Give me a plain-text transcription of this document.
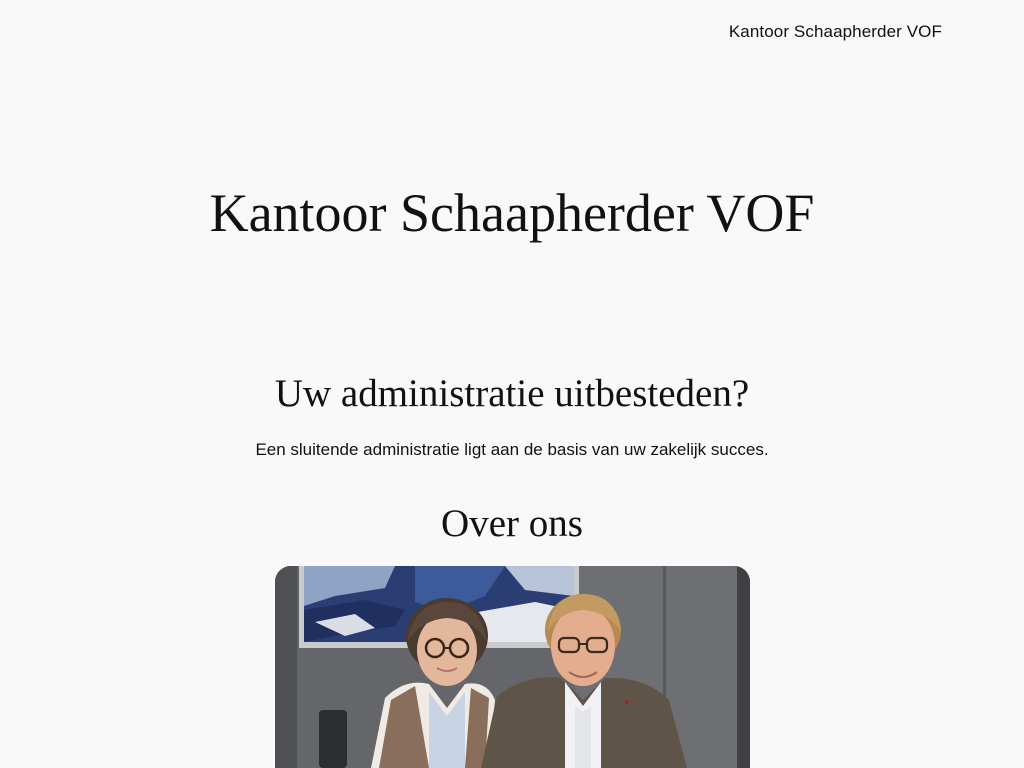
Kantoor Schaapherder VOF
Kantoor Schaapherder VOF
Uw administratie uitbesteden?

Een sluitende administratie ligt aan de basis van uw zakelijk succes.

Over ons
